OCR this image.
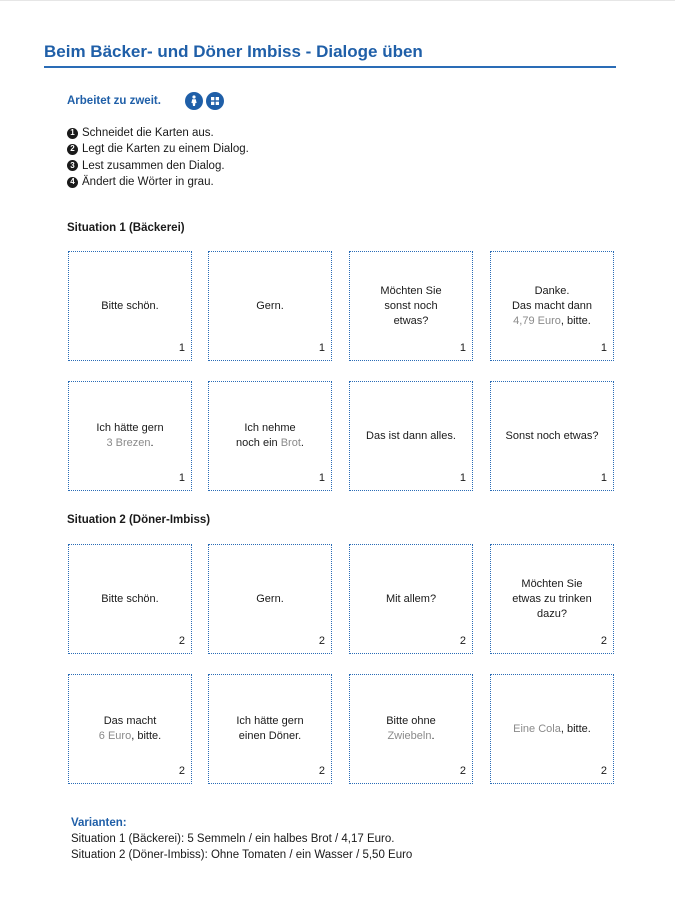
Beim Bäcker- und Döner Imbiss - Dialoge üben
Arbeitet zu zweit.
1 Schneidet die Karten aus.
2 Legt die Karten zu einem Dialog.
3 Lest zusammen den Dialog.
4 Ändert die Wörter in grau.
Situation 1 (Bäckerei)
Bitte schön.
1
Gern.
1
Möchten Sie
sonst noch
etwas?
1
Danke.
Das macht dann
4,79 Euro, bitte.
1
Ich hätte gern
3 Brezen.
1
Ich nehme
noch ein Brot.
1
Das ist dann alles.
1
Sonst noch etwas?
1
Situation 2 (Döner-Imbiss)
Bitte schön.
2
Gern.
2
Mit allem?
2
Möchten Sie
etwas zu trinken
dazu?
2
Das macht
6 Euro, bitte.
2
Ich hätte gern
einen Döner.
2
Bitte ohne
Zwiebeln.
2
Eine Cola, bitte.
2
Varianten:
Situation 1 (Bäckerei): 5 Semmeln / ein halbes Brot / 4,17 Euro.
Situation 2 (Döner-Imbiss): Ohne Tomaten / ein Wasser / 5,50 Euro
